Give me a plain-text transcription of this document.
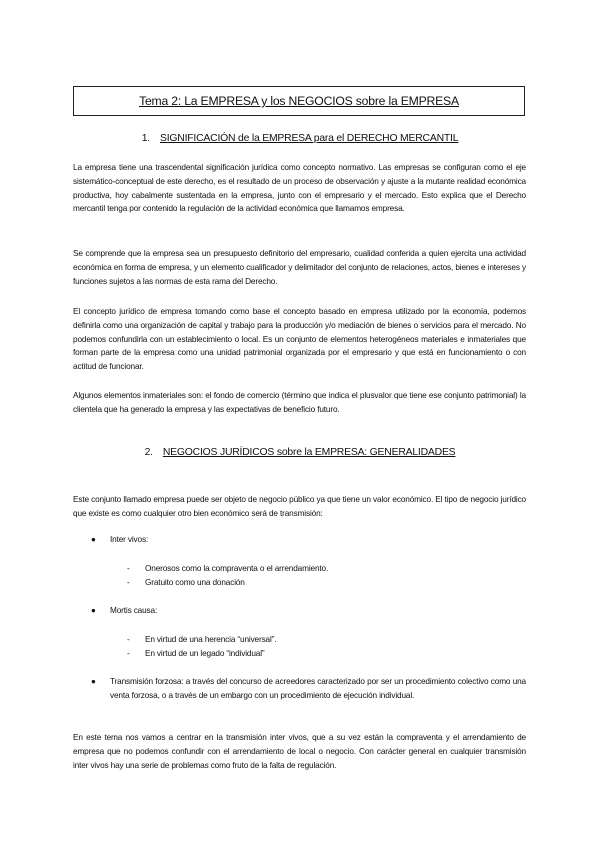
Tema 2: La EMPRESA y los NEGOCIOS sobre la EMPRESA
1. SIGNIFICACIÓN de la EMPRESA para el DERECHO MERCANTIL
La empresa tiene una trascendental significación jurídica como concepto normativo. Las empresas se configuran como el eje sistemático-conceptual de este derecho, es el resultado de un proceso de observación y ajuste a la mutante realidad económica productiva, hoy cabalmente sustentada en la empresa, junto con el empresario y el mercado. Esto explica que el Derecho mercantil tenga por contenido la regulación de la actividad económica que llamamos empresa.
Se comprende que la empresa sea un presupuesto definitorio del empresario, cualidad conferida a quien ejercita una actividad económica en forma de empresa, y un elemento cualificador y delimitador del conjunto de relaciones, actos, bienes e intereses y funciones sujetos a las normas de esta rama del Derecho.
El concepto jurídico de empresa tomando como base el concepto basado en empresa utilizado por la economía, podemos definirla como una organización de capital y trabajo para la producción y/o mediación de bienes o servicios para el mercado. No podemos confundirla con un establecimiento o local. Es un conjunto de elementos heterogéneos materiales e inmateriales que forman parte de la empresa como una unidad patrimonial organizada por el empresario y que está en funcionamiento o con actitud de funcionar.
Algunos elementos inmateriales son: el fondo de comercio (término que indica el plusvalor que tiene ese conjunto patrimonial) la clientela que ha generado la empresa y las expectativas de beneficio futuro.
2. NEGOCIOS JURÍDICOS sobre la EMPRESA: GENERALIDADES
Este conjunto llamado empresa puede ser objeto de negocio público ya que tiene un valor económico. El tipo de negocio jurídico que existe es como cualquier otro bien económico será de transmisión:
● Inter vivos:
- Onerosos como la compraventa o el arrendamiento.
- Gratuito como una donación
● Mortis causa:
- En virtud de una herencia “universal”.
- En virtud de un legado “individual”
● Transmisión forzosa: a través del concurso de acreedores caracterizado por ser un procedimiento colectivo como una venta forzosa, o a través de un embargo con un procedimiento de ejecución individual.
En este tema nos vamos a centrar en la transmisión inter vivos, que a su vez están la compraventa y el arrendamiento de empresa que no podemos confundir con el arrendamiento de local o negocio. Con carácter general en cualquier transmisión inter vivos hay una serie de problemas como fruto de la falta de regulación.
